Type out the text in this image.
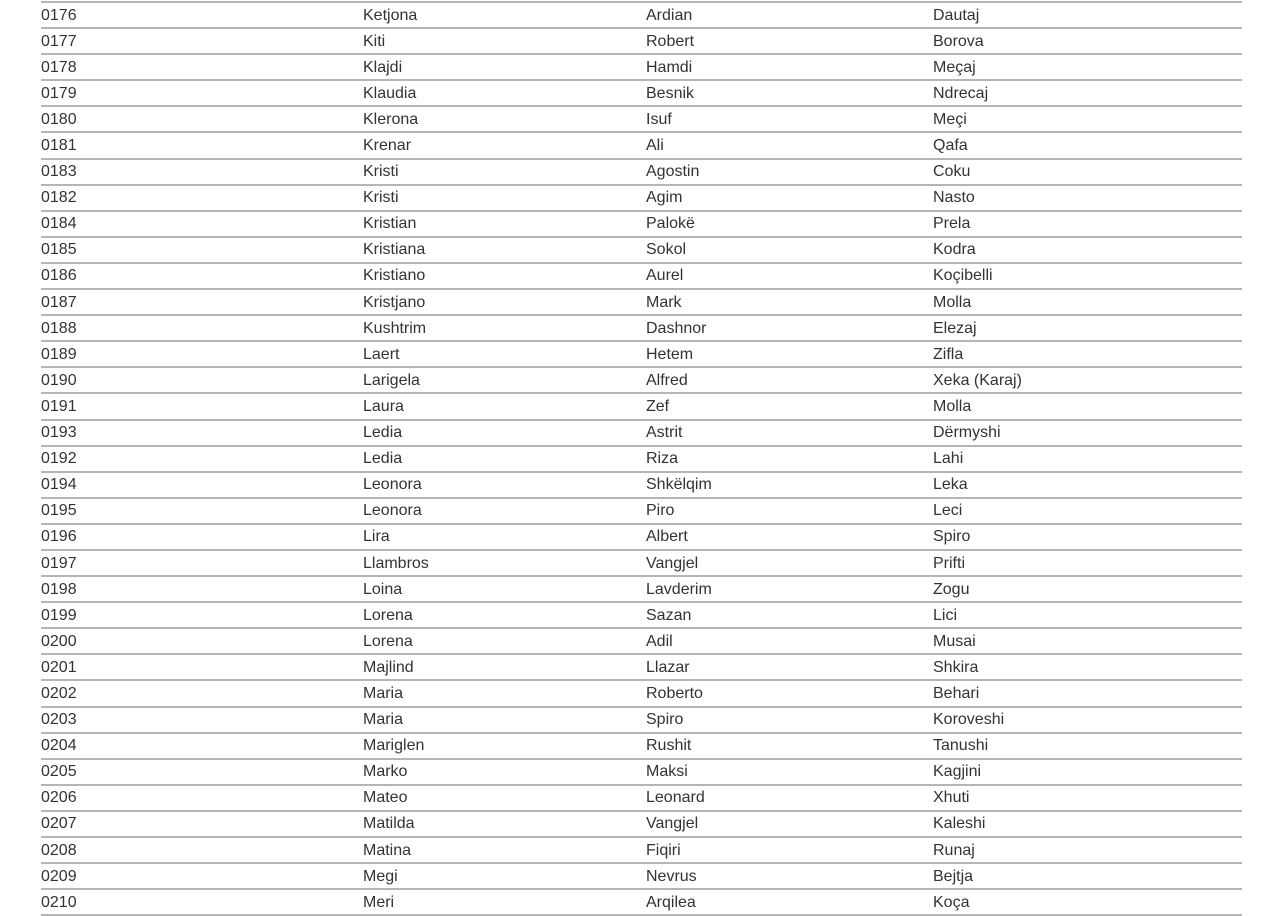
0176	Ketjona	Ardian	Dautaj
0177	Kiti	Robert	Borova
0178	Klajdi	Hamdi	Meçaj
0179	Klaudia	Besnik	Ndrecaj
0180	Klerona	Isuf	Meçi
0181	Krenar	Ali	Qafa
0183	Kristi	Agostin	Coku
0182	Kristi	Agim	Nasto
0184	Kristian	Palokë	Prela
0185	Kristiana	Sokol	Kodra
0186	Kristiano	Aurel	Koçibelli
0187	Kristjano	Mark	Molla
0188	Kushtrim	Dashnor	Elezaj
0189	Laert	Hetem	Zifla
0190	Larigela	Alfred	Xeka (Karaj)
0191	Laura	Zef	Molla
0193	Ledia	Astrit	Dërmyshi
0192	Ledia	Riza	Lahi
0194	Leonora	Shkëlqim	Leka
0195	Leonora	Piro	Leci
0196	Lira	Albert	Spiro
0197	Llambros	Vangjel	Prifti
0198	Loina	Lavderim	Zogu
0199	Lorena	Sazan	Lici
0200	Lorena	Adil	Musai
0201	Majlind	Llazar	Shkira
0202	Maria	Roberto	Behari
0203	Maria	Spiro	Koroveshi
0204	Mariglen	Rushit	Tanushi
0205	Marko	Maksi	Kagjini
0206	Mateo	Leonard	Xhuti
0207	Matilda	Vangjel	Kaleshi
0208	Matina	Fiqiri	Runaj
0209	Megi	Nevrus	Bejtja
0210	Meri	Arqilea	Koça
